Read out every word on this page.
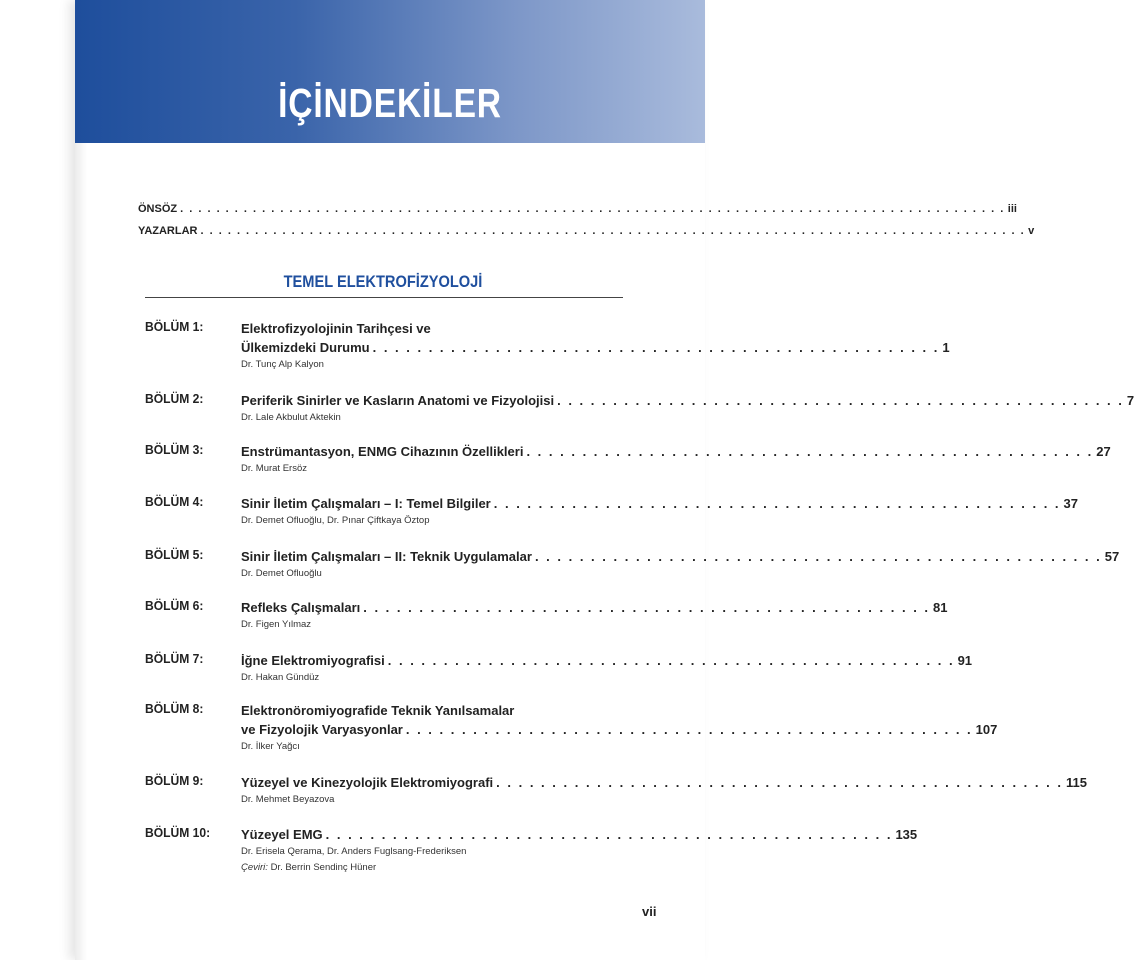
İÇİNDEKİLER
ÖNSÖZ . . . . . . . . . . . . . . . . . . . . . . . . . . . . . . . . . . . . . . . . . . . . . . . . . . . . . . . . . . . . . . . . . . . . . . . . . . . . . . . . . . . . . . . . . . . iii
YAZARLAR . . . . . . . . . . . . . . . . . . . . . . . . . . . . . . . . . . . . . . . . . . . . . . . . . . . . . . . . . . . . . . . . . . . . . . . . . . . . . . . . . . . . . . . . . . . v
TEMEL ELEKTROFİZYOLOJİ
BÖLÜM 1:	Elektrofizyolojinin Tarihçesi ve
Ülkemizdeki Durumu . . . . . . . . . . . . . . . . . . . . . . . . . . . . . . . . . . . . . . . . . . . . . . . . . . . 1
Dr. Tunç Alp Kalyon
BÖLÜM 2:	Periferik Sinirler ve Kasların Anatomi ve Fizyolojisi . . . . . . . . . . . . . . . . . . . . . . . . . . . . . . . . . . . . . . . . . . . . . . . . . . . 7
Dr. Lale Akbulut Aktekin
BÖLÜM 3:	Enstrümantasyon, ENMG Cihazının Özellikleri . . . . . . . . . . . . . . . . . . . . . . . . . . . . . . . . . . . . . . . . . . . . . . . . . . . 27
Dr. Murat Ersöz
BÖLÜM 4:	Sinir İletim Çalışmaları – I: Temel Bilgiler . . . . . . . . . . . . . . . . . . . . . . . . . . . . . . . . . . . . . . . . . . . . . . . . . . . 37
Dr. Demet Ofluoğlu, Dr. Pınar Çiftkaya Öztop
BÖLÜM 5:	Sinir İletim Çalışmaları – II: Teknik Uygulamalar . . . . . . . . . . . . . . . . . . . . . . . . . . . . . . . . . . . . . . . . . . . . . . . . . . . 57
Dr. Demet Ofluoğlu
BÖLÜM 6:	Refleks Çalışmaları . . . . . . . . . . . . . . . . . . . . . . . . . . . . . . . . . . . . . . . . . . . . . . . . . . . 81
Dr. Figen Yılmaz
BÖLÜM 7:	İğne Elektromiyografisi . . . . . . . . . . . . . . . . . . . . . . . . . . . . . . . . . . . . . . . . . . . . . . . . . . . 91
Dr. Hakan Gündüz
BÖLÜM 8:	Elektronöromiyografide Teknik Yanılsamalar
ve Fizyolojik Varyasyonlar . . . . . . . . . . . . . . . . . . . . . . . . . . . . . . . . . . . . . . . . . . . . . . . . . . . 107
Dr. İlker Yağcı
BÖLÜM 9:	Yüzeyel ve Kinezyolojik Elektromiyografi . . . . . . . . . . . . . . . . . . . . . . . . . . . . . . . . . . . . . . . . . . . . . . . . . . . 115
Dr. Mehmet Beyazova
BÖLÜM 10: Yüzeyel EMG . . . . . . . . . . . . . . . . . . . . . . . . . . . . . . . . . . . . . . . . . . . . . . . . . . . 135
Dr. Erisela Qerama, Dr. Anders Fuglsang-Frederiksen
Çeviri: Dr. Berrin Sendinç Hüner
vii
